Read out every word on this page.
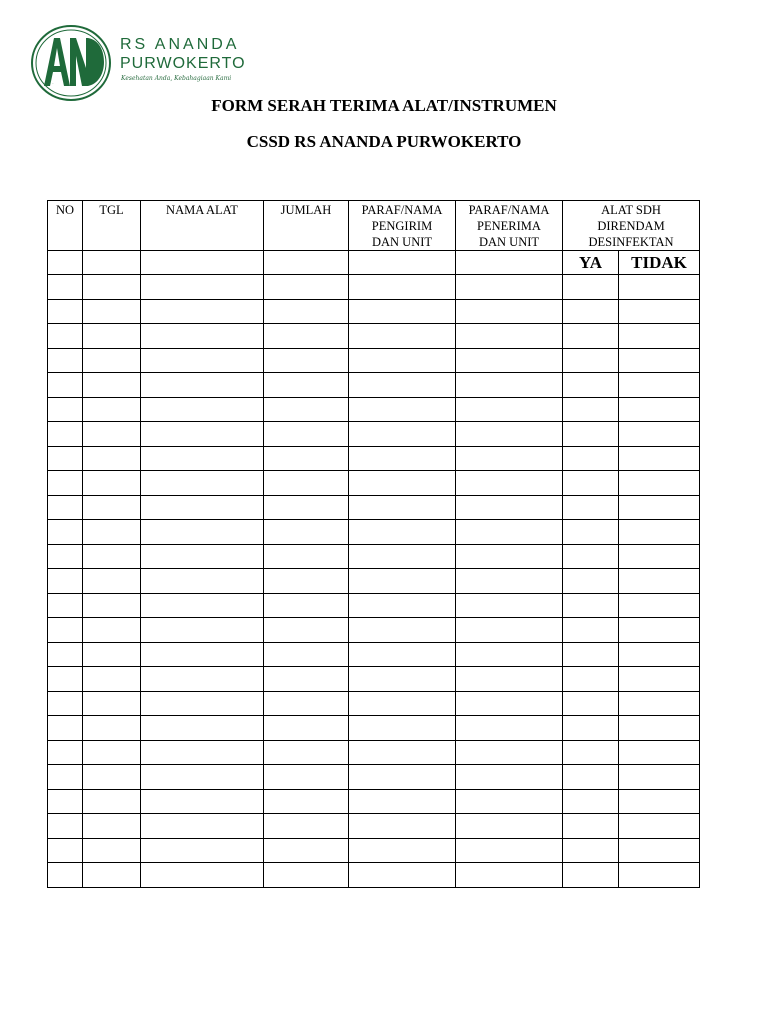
AN
RS ANANDA
PURWOKERTO
Kesehatan Anda, Kebahagiaan Kami
FORM SERAH TERIMA ALAT/INSTRUMEN
CSSD RS ANANDA PURWOKERTO
NO	TGL	NAMA ALAT	JUMLAH	PARAF/NAMA
PENGIRIM
DAN UNIT	PARAF/NAMA
PENERIMA
DAN UNIT	ALAT SDH
DIRENDAM
DESINFEKTAN	

						YA	TIDAK
